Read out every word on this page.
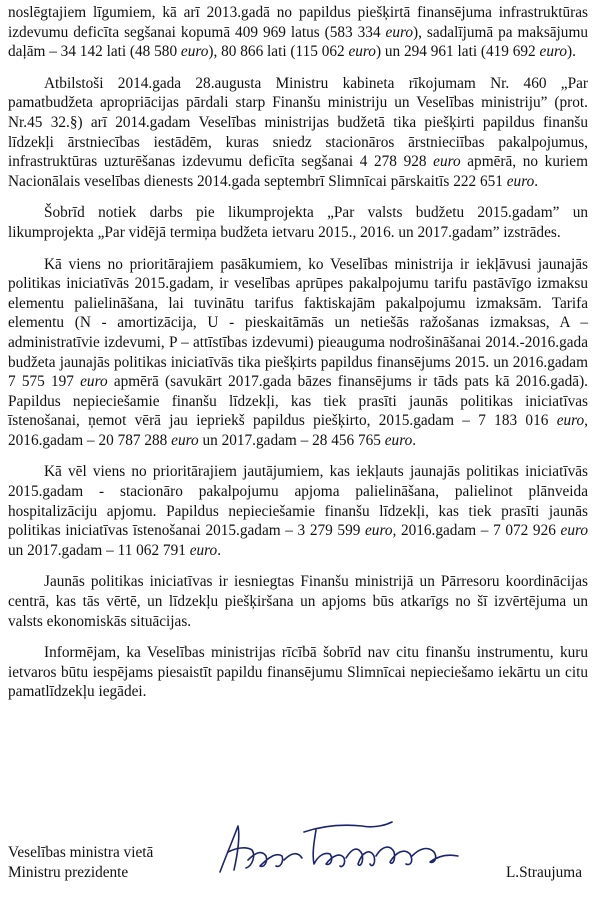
noslēgtajiem līgumiem, kā arī 2013.gadā no papildus piešķirtā finansējuma infrastruktūras izdevumu deficīta segšanai kopumā 409 969 latus (583 334 euro), sadalījumā pa maksājumu daļām – 34 142 lati (48 580 euro), 80 866 lati (115 062 euro) un 294 961 lati (419 692 euro).

Atbilstoši 2014.gada 28.augusta Ministru kabineta rīkojumam Nr. 460 „Par pamatbudžeta apropriācijas pārdali starp Finanšu ministriju un Veselības ministriju” (prot. Nr.45 32.§) arī 2014.gadam Veselības ministrijas budžetā tika piešķirti papildus finanšu līdzekļi ārstniecības iestādēm, kuras sniedz stacionāros ārstnieciības pakalpojumus, infrastruktūras uzturēšanas izdevumu deficīta segšanai 4 278 928 euro apmērā, no kuriem Nacionālais veselības dienests 2014.gada septembrī Slimnīcai pārskaitīs 222 651 euro.

Šobrīd notiek darbs pie likumprojekta „Par valsts budžetu 2015.gadam” un likumprojekta „Par vidējā termiņa budžeta ietvaru 2015., 2016. un 2017.gadam” izstrādes.

Kā viens no prioritārajiem pasākumiem, ko Veselības ministrija ir iekļāvusi jaunajās politikas iniciatīvās 2015.gadam, ir veselības aprūpes pakalpojumu tarifu pastāvīgo izmaksu elementu palielināšana, lai tuvinātu tarifus faktiskajām pakalpojumu izmaksām. Tarifa elementu (N - amortizācija, U - pieskaitāmās un netiešās ražošanas izmaksas, A – administratīvie izdevumi, P – attīstības izdevumi) pieauguma nodrošināšanai 2014.-2016.gada budžeta jaunajās politikas iniciatīvās tika piešķirts papildus finansējums 2015. un 2016.gadam 7 575 197 euro apmērā (savukārt 2017.gada bāzes finansējums ir tāds pats kā 2016.gadā). Papildus nepieciešamie finanšu līdzekļi, kas tiek prasīti jaunās politikas iniciatīvas īstenošanai, ņemot vērā jau iepriekš papildus piešķirto, 2015.gadam – 7 183 016 euro, 2016.gadam – 20 787 288 euro un 2017.gadam – 28 456 765 euro.

Kā vēl viens no prioritārajiem jautājumiem, kas iekļauts jaunajās politikas iniciatīvās 2015.gadam - stacionāro pakalpojumu apjoma palielināšana, palielinot plānveida hospitalizāciju apjomu. Papildus nepieciešamie finanšu līdzekļi, kas tiek prasīti jaunās politikas iniciatīvas īstenošanai 2015.gadam – 3 279 599 euro, 2016.gadam – 7 072 926 euro un 2017.gadam – 11 062 791 euro.

Jaunās politikas iniciatīvas ir iesniegtas Finanšu ministrijā un Pārresoru koordinācijas centrā, kas tās vērtē, un līdzekļu piešķiršana un apjoms būs atkarīgs no šī izvērtējuma un valsts ekonomiskās situācijas.

Informējam, ka Veselības ministrijas rīcībā šobrīd nav citu finanšu instrumentu, kuru ietvaros būtu iespējams piesaistīt papildu finansējumu Slimnīcai nepieciešamo iekārtu un citu pamatlīdzekļu iegādei.

Veselības ministra vietā
Ministru prezidente	L.Straujuma
